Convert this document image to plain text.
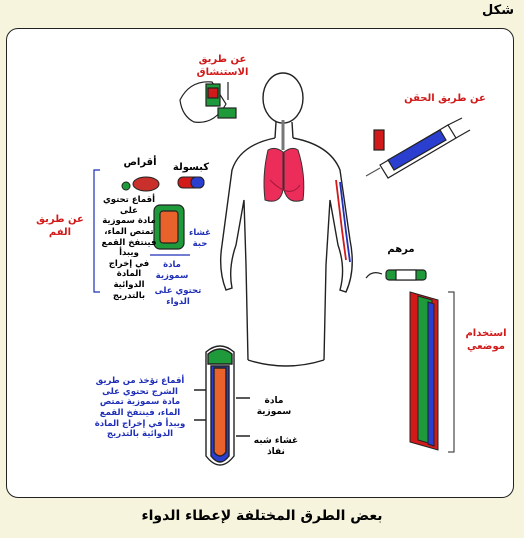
شكل
عن طريق الاستنشاق
عن طريق الحقن
عن طريق
الفم
استخدام
موضعي
أقراص	كبسولة
مرهم
أقماع تحتوي على
مادة سموزية
تمتص الماء،
فينتفخ القمع ويبدأ
في إخراج المادة
الدوائية بالتدريج
غشاء
حبة
مادة
سموزية
تحتوي على
الدواء
أقماع تؤخذ من طريق
الشرج تحتوي على
مادة سموزية تمتص
الماء، فينتفخ القمع
ويبدأ في إخراج المادة
الدوائية بالتدريج
مادة
سموزية
غشاء شبه
نفاذ
بعض الطرق المختلفة لإعطاء الدواء
